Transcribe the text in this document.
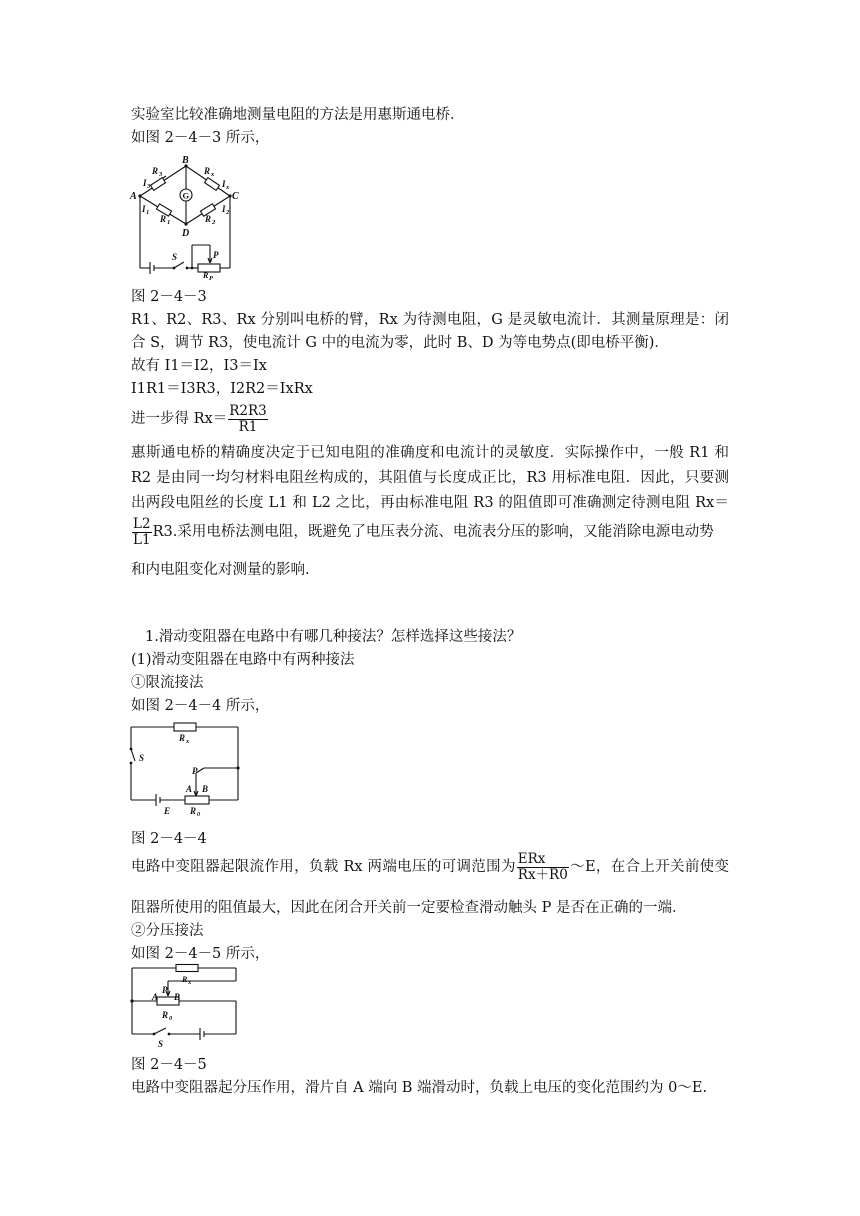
实验室比较准确地测量电阻的方法是用惠斯通电桥．
如图 2－4－3 所示，
B
A	C
D
G
R 3
I 3
R x
I x
I 1
R 1	R 2
I 2
S	P
R P
图 2－4－3
R1、R2、R3、Rx 分别叫电桥的臂，Rx 为待测电阻，G 是灵敏电流计．其测量原理是：闭
合 S，调节 R3，使电流计 G 中的电流为零，此时 B、D 为等电势点(即电桥平衡)．
故有 I1＝I2，I3＝Ix
I1R1＝I3R3，I2R2＝IxRx
进一步得 $Rx= \frac{R2R3}{R1}$
惠斯通电桥的精确度决定于已知电阻的准确度和电流计的灵敏度．实际操作中，一般 R1 和
R2 是由同一均匀材料电阻丝构成的，其阻值与长度成正比，R3 用标准电阻．因此，只要测
出两段电阻丝的长度 L1 和 L2 之比，再由标准电阻 R3 的阻值即可准确测定待测电阻 Rx＝
$\frac{L2}{L1} R3$.采用电桥法测电阻，既避免了电压表分流、电流表分压的影响，又能消除电源电动势
和内电阻变化对测量的影响.
1.滑动变阻器在电路中有哪几种接法？怎样选择这些接法？
(1)滑动变阻器在电路中有两种接法
①限流接法
如图 2－4－4 所示，
R x
S
P
A B
E R 0
图 2－4－4
电路中变阻器起限流作用，负载 Rx 两端电压的可调范围为 $\frac{\text{ERx}}{Rx+R0}$ ～E，在合上开关前使变
阻器所使用的阻值最大，因此在闭合开关前一定要检查滑动触头 P 是否在正确的一端．
②分压接法
如图 2－4－5 所示，
R x
P
A B
R 0
S
图 2－4－5
电路中变阻器起分压作用，滑片自 A 端向 B 端滑动时，负载上电压的变化范围约为 0～E.
